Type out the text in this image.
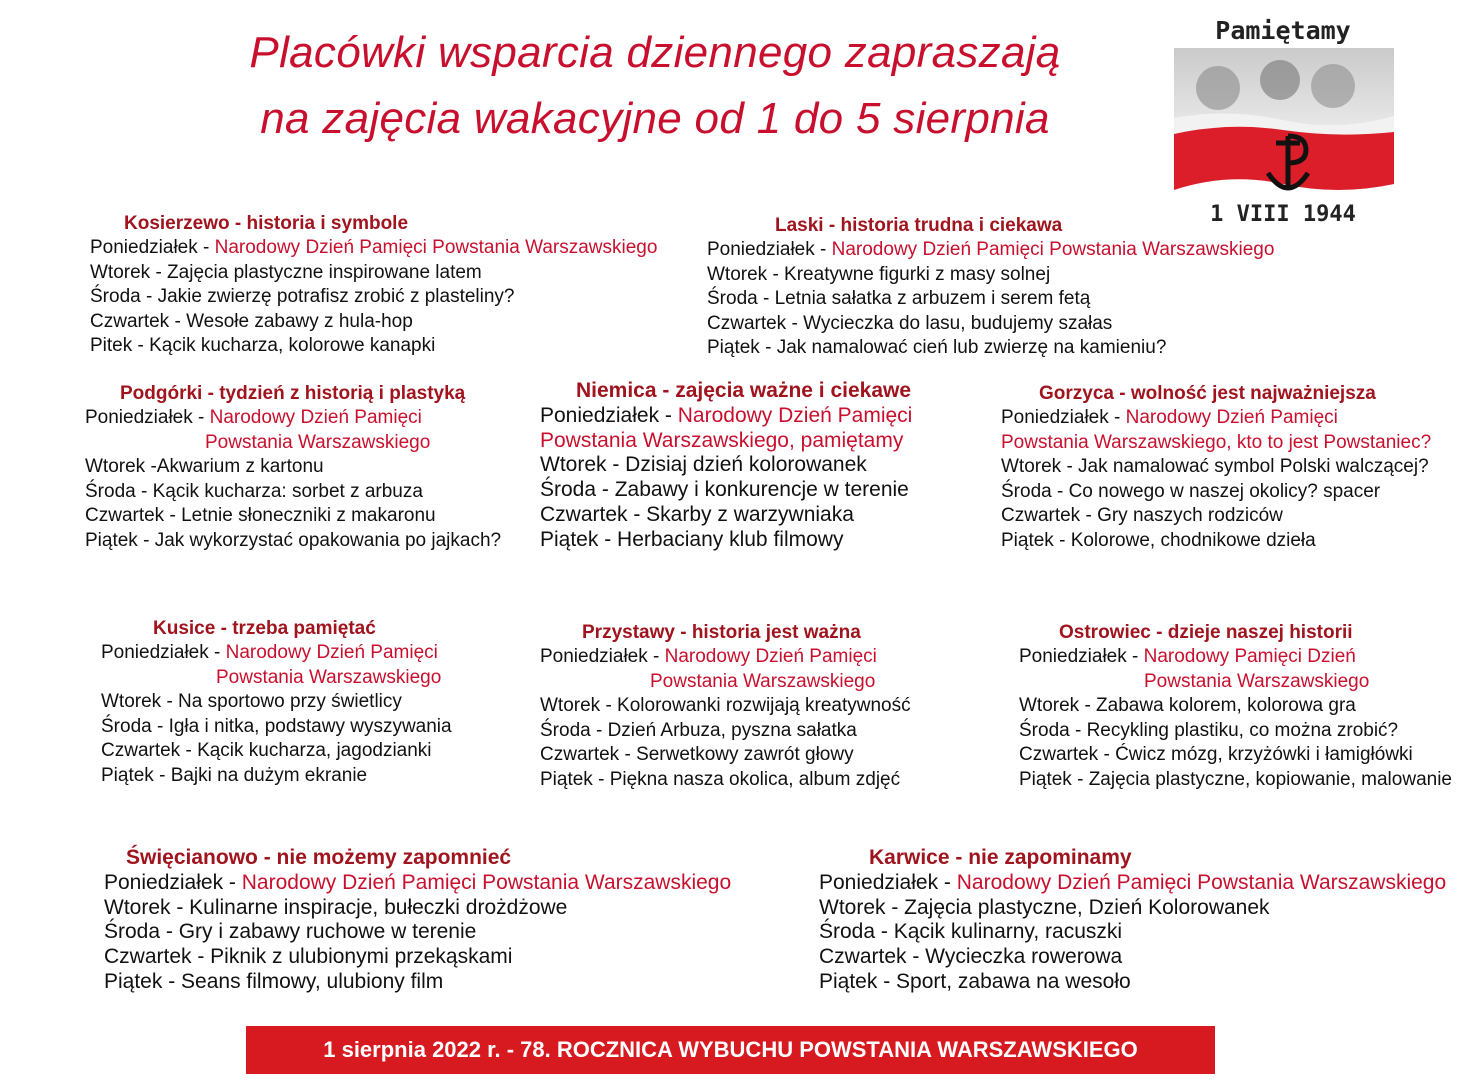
Placówki wsparcia dziennego zapraszają
na zajęcia wakacyjne od 1 do 5 sierpnia
Pamiętamy
1 VIII 1944
Kosierzewo - historia i symbole
Poniedziałek - Narodowy Dzień Pamięci Powstania Warszawskiego
Wtorek - Zajęcia plastyczne inspirowane latem
Środa - Jakie zwierzę potrafisz zrobić z plasteliny?
Czwartek - Wesołe zabawy z hula-hop
Pitek - Kącik kucharza, kolorowe kanapki
Laski - historia trudna i ciekawa
Poniedziałek - Narodowy Dzień Pamięci Powstania Warszawskiego
Wtorek - Kreatywne figurki z masy solnej
Środa - Letnia sałatka z arbuzem i serem fetą
Czwartek - Wycieczka do lasu, budujemy szałas
Piątek - Jak namalować cień lub zwierzę na kamieniu?
Podgórki - tydzień z historią i plastyką
Poniedziałek - Narodowy Dzień Pamięci
Powstania Warszawskiego
Wtorek -Akwarium z kartonu
Środa - Kącik kucharza: sorbet z arbuza
Czwartek - Letnie słoneczniki z makaronu
Piątek - Jak wykorzystać opakowania po jajkach?
Niemica - zajęcia ważne i ciekawe
Poniedziałek - Narodowy Dzień Pamięci
Powstania Warszawskiego, pamiętamy
Wtorek - Dzisiaj dzień kolorowanek
Środa - Zabawy i konkurencje w terenie
Czwartek - Skarby z warzywniaka
Piątek - Herbaciany klub filmowy
Gorzyca - wolność jest najważniejsza
Poniedziałek - Narodowy Dzień Pamięci
Powstania Warszawskiego, kto to jest Powstaniec?
Wtorek - Jak namalować symbol Polski walczącej?
Środa - Co nowego w naszej okolicy? spacer
Czwartek - Gry naszych rodziców
Piątek - Kolorowe, chodnikowe dzieła
Kusice - trzeba pamiętać
Poniedziałek - Narodowy Dzień Pamięci
Powstania Warszawskiego
Wtorek - Na sportowo przy świetlicy
Środa - Igła i nitka, podstawy wyszywania
Czwartek - Kącik kucharza, jagodzianki
Piątek - Bajki na dużym ekranie
Przystawy - historia jest ważna
Poniedziałek - Narodowy Dzień Pamięci
Powstania Warszawskiego
Wtorek - Kolorowanki rozwijają kreatywność
Środa - Dzień Arbuza, pyszna sałatka
Czwartek - Serwetkowy zawrót głowy
Piątek - Piękna nasza okolica, album zdjęć
Ostrowiec - dzieje naszej historii
Poniedziałek - Narodowy Pamięci Dzień
Powstania Warszawskiego
Wtorek - Zabawa kolorem, kolorowa gra
Środa - Recykling plastiku, co można zrobić?
Czwartek - Ćwicz mózg, krzyżówki i łamigłówki
Piątek - Zajęcia plastyczne, kopiowanie, malowanie
Święcianowo - nie możemy zapomnieć
Poniedziałek - Narodowy Dzień Pamięci Powstania Warszawskiego
Wtorek - Kulinarne inspiracje, bułeczki drożdżowe
Środa - Gry i zabawy ruchowe w terenie
Czwartek - Piknik z ulubionymi przekąskami
Piątek - Seans filmowy, ulubiony film
Karwice - nie zapominamy
Poniedziałek - Narodowy Dzień Pamięci Powstania Warszawskiego
Wtorek - Zajęcia plastyczne, Dzień Kolorowanek
Środa - Kącik kulinarny, racuszki
Czwartek - Wycieczka rowerowa
Piątek - Sport, zabawa na wesoło
1 sierpnia 2022 r. - 78. ROCZNICA WYBUCHU POWSTANIA WARSZAWSKIEGO
